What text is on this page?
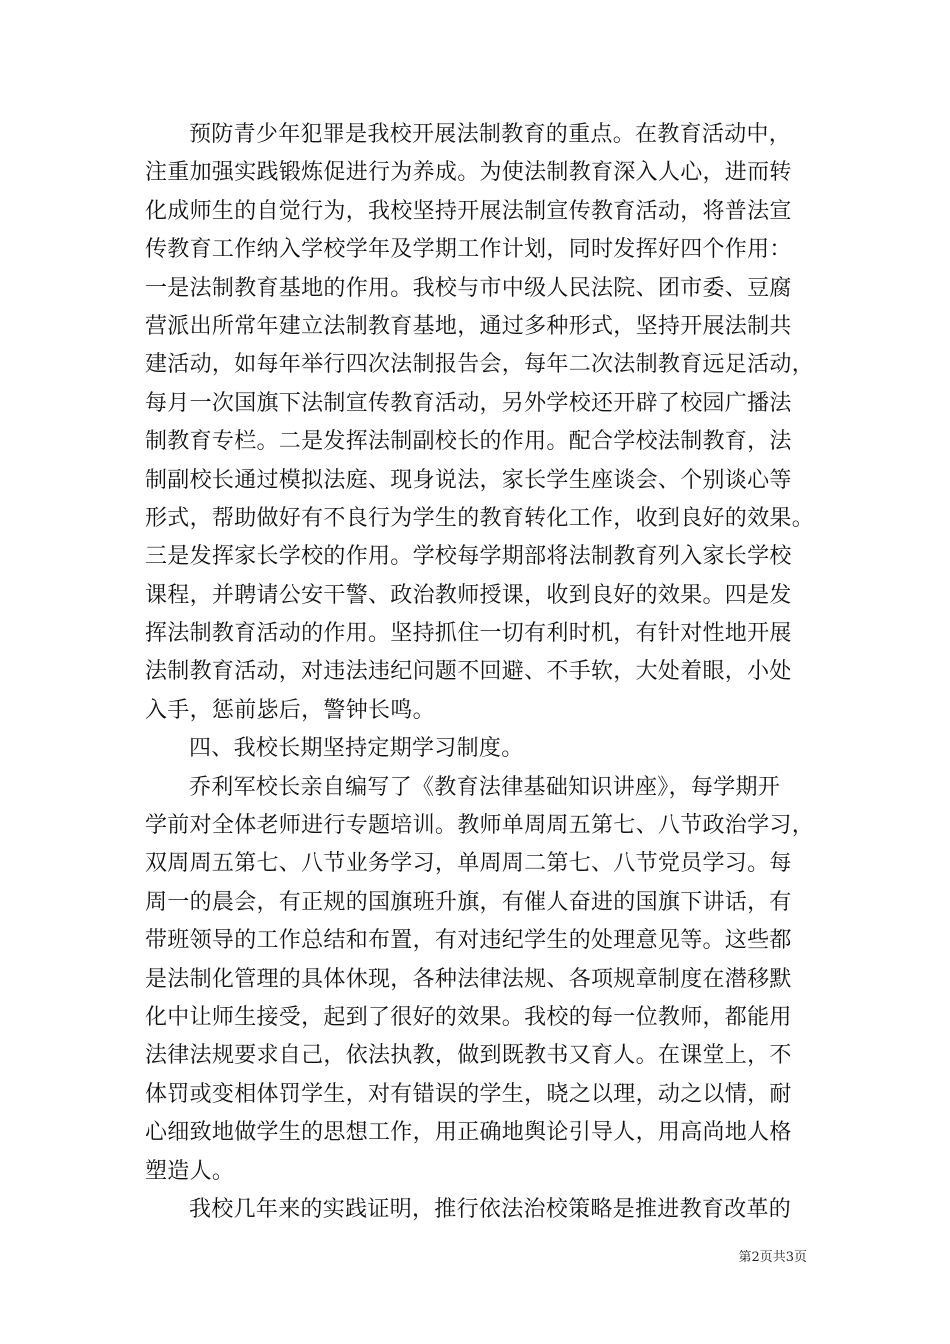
预防青少年犯罪是我校开展法制教育的重点。在教育活动中，
注重加强实践锻炼促进行为养成。为使法制教育深入人心，进而转
化成师生的自觉行为，我校坚持开展法制宣传教育活动，将普法宣
传教育工作纳入学校学年及学期工作计划，同时发挥好四个作用：
一是法制教育基地的作用。我校与市中级人民法院、团市委、豆腐
营派出所常年建立法制教育基地，通过多种形式，坚持开展法制共
建活动，如每年举行四次法制报告会，每年二次法制教育远足活动，
每月一次国旗下法制宣传教育活动，另外学校还开辟了校园广播法
制教育专栏。二是发挥法制副校长的作用。配合学校法制教育，法
制副校长通过模拟法庭、现身说法，家长学生座谈会、个别谈心等
形式，帮助做好有不良行为学生的教育转化工作，收到良好的效果。
三是发挥家长学校的作用。学校每学期部将法制教育列入家长学校
课程，并聘请公安干警、政治教师授课，收到良好的效果。四是发
挥法制教育活动的作用。坚持抓住一切有利时机，有针对性地开展
法制教育活动，对违法违纪问题不回避、不手软，大处着眼，小处
入手，惩前毖后，警钟长鸣。
四、我校长期坚持定期学习制度。
乔利军校长亲自编写了《教育法律基础知识讲座》，每学期开
学前对全体老师进行专题培训。教师单周周五第七、八节政治学习，
双周周五第七、八节业务学习，单周周二第七、八节党员学习。每
周一的晨会，有正规的国旗班升旗，有催人奋进的国旗下讲话，有
带班领导的工作总结和布置，有对违纪学生的处理意见等。这些都
是法制化管理的具体休现，各种法律法规、各项规章制度在潜移默
化中让师生接受，起到了很好的效果。我校的每一位教师，都能用
法律法规要求自己，依法执教，做到既教书又育人。在课堂上，不
体罚或变相体罚学生，对有错误的学生，晓之以理，动之以情，耐
心细致地做学生的思想工作，用正确地舆论引导人，用高尚地人格
塑造人。
我校几年来的实践证明，推行依法治校策略是推进教育改革的
第2页共3页
